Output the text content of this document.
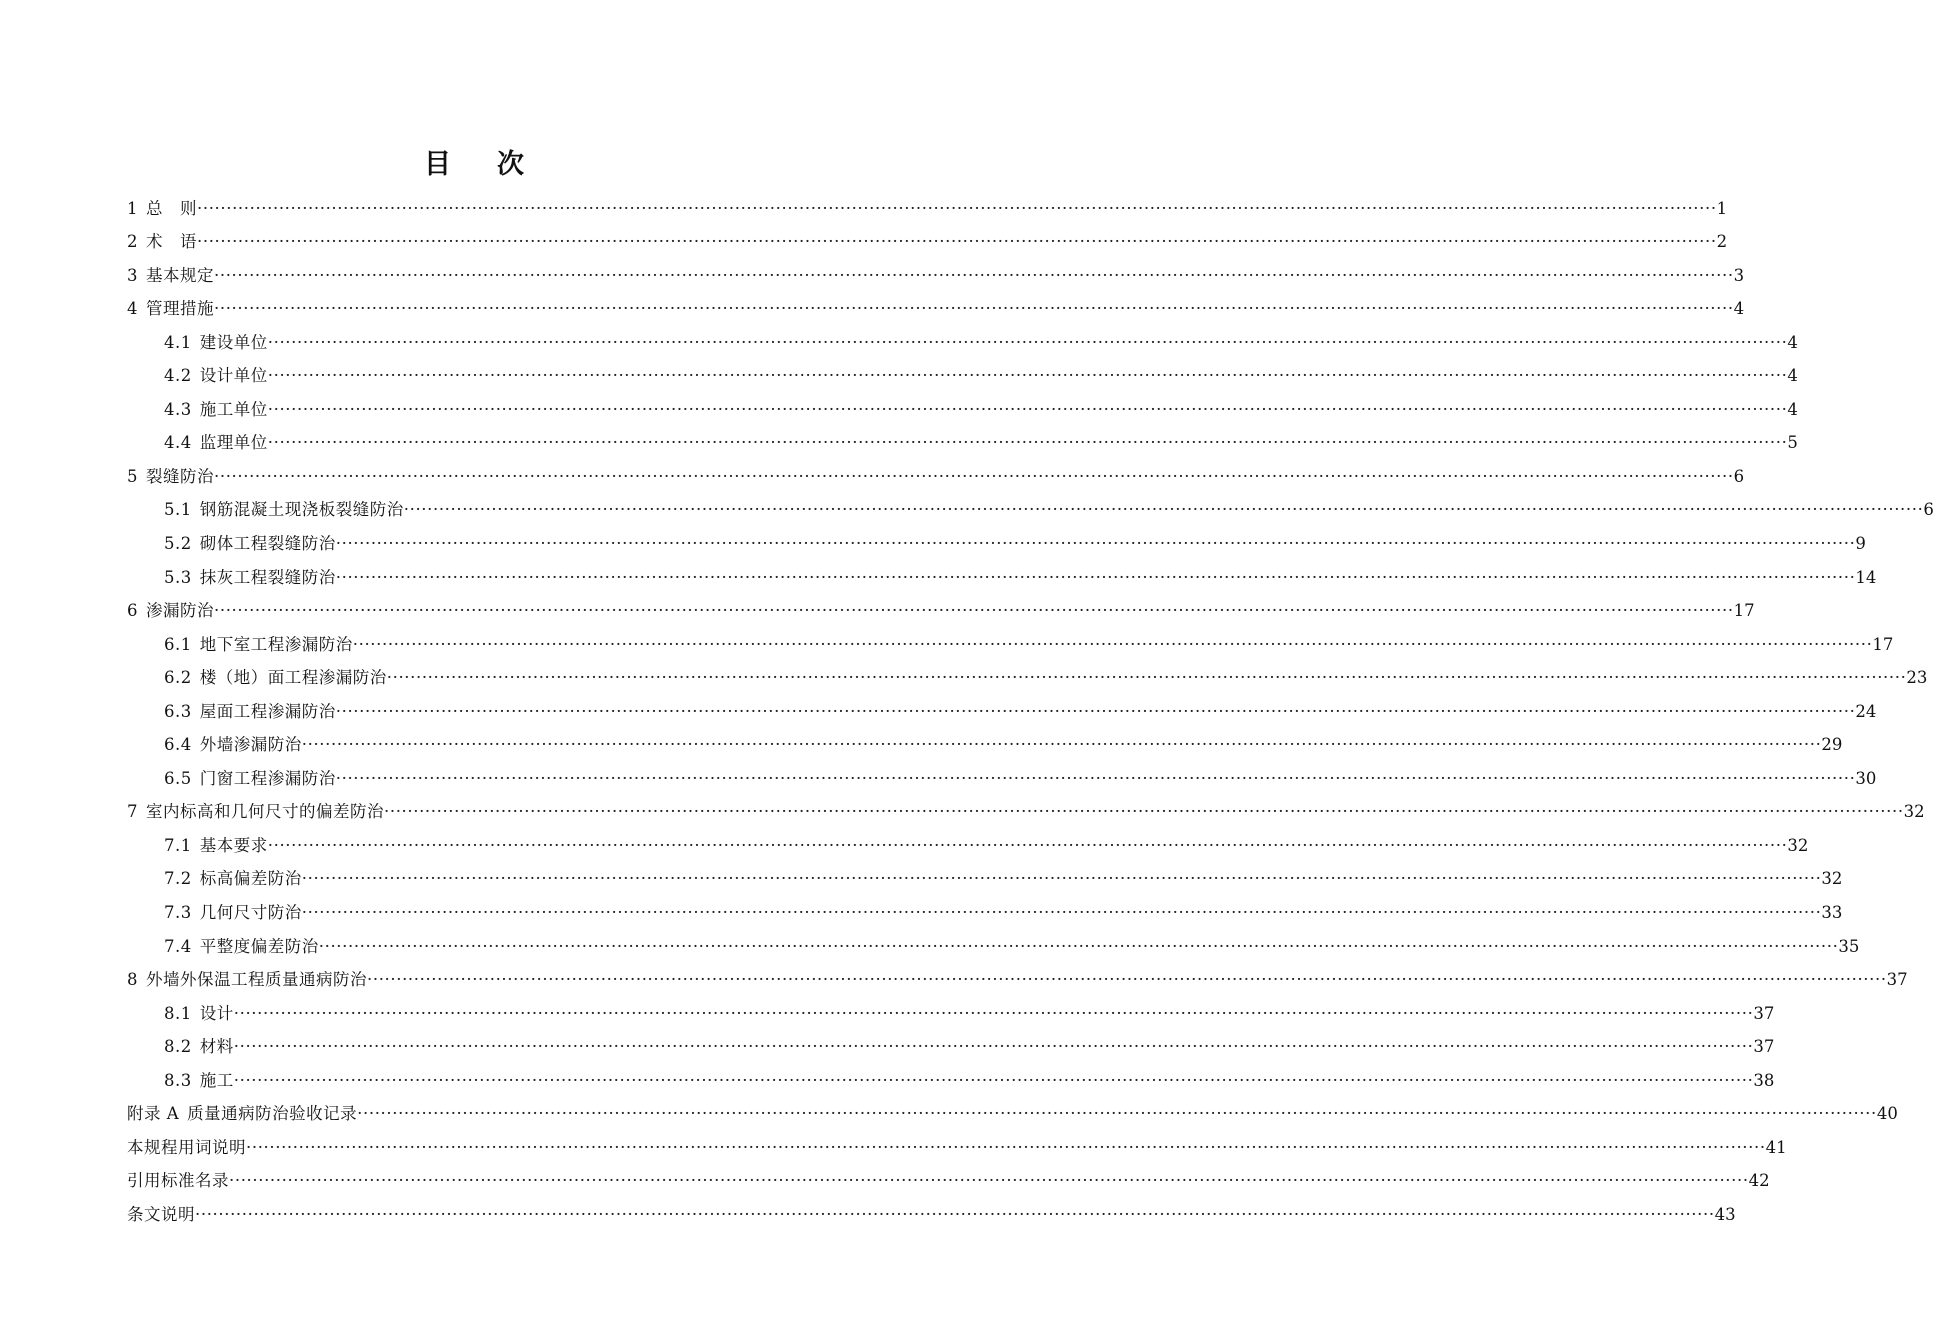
目 次
1 总　则 ···································································································································································································································································· 1
2 术　语 ···································································································································································································································································· 2
3 基本规定 ···································································································································································································································································· 3
4 管理措施 ···································································································································································································································································· 4
4.1 建设单位 ···································································································································································································································································· 4
4.2 设计单位 ···································································································································································································································································· 4
4.3 施工单位 ···································································································································································································································································· 4
4.4 监理单位 ···································································································································································································································································· 5
5 裂缝防治 ···································································································································································································································································· 6
5.1 钢筋混凝土现浇板裂缝防治 ···································································································································································································································································· 6
5.2 砌体工程裂缝防治 ···································································································································································································································································· 9
5.3 抹灰工程裂缝防治 ···································································································································································································································································· 14
6 渗漏防治 ···································································································································································································································································· 17
6.1 地下室工程渗漏防治 ···································································································································································································································································· 17
6.2 楼（地）面工程渗漏防治 ···································································································································································································································································· 23
6.3 屋面工程渗漏防治 ···································································································································································································································································· 24
6.4 外墙渗漏防治 ···································································································································································································································································· 29
6.5 门窗工程渗漏防治 ···································································································································································································································································· 30
7 室内标高和几何尺寸的偏差防治 ···································································································································································································································································· 32
7.1 基本要求 ···································································································································································································································································· 32
7.2 标高偏差防治 ···································································································································································································································································· 32
7.3 几何尺寸防治 ···································································································································································································································································· 33
7.4 平整度偏差防治 ···································································································································································································································································· 35
8 外墙外保温工程质量通病防治 ···································································································································································································································································· 37
8.1 设计 ···································································································································································································································································· 37
8.2 材料 ···································································································································································································································································· 37
8.3 施工 ···································································································································································································································································· 38
附录 A 质量通病防治验收记录 ···································································································································································································································································· 40
本规程用词说明 ···································································································································································································································································· 41
引用标准名录 ···································································································································································································································································· 42
条文说明 ···································································································································································································································································· 43
